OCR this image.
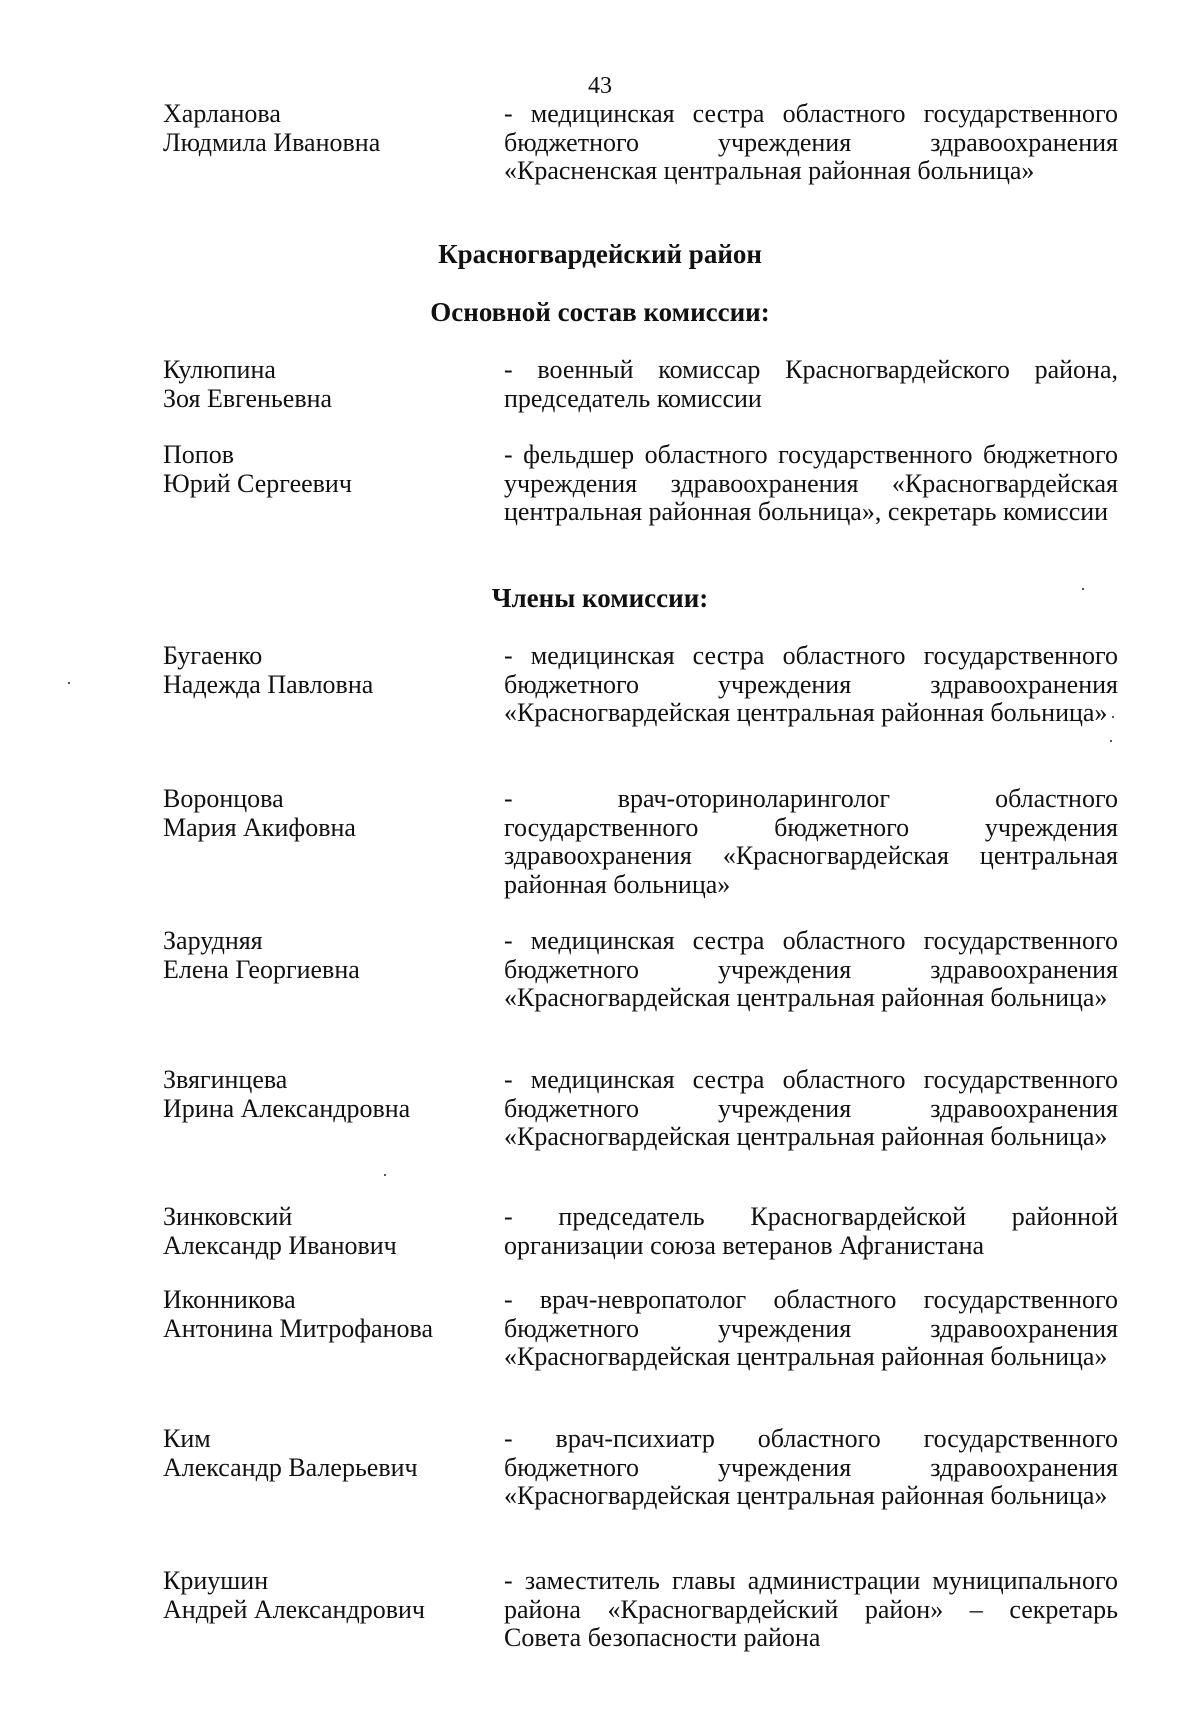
43
Харланова
Людмила Ивановна
- медицинская сестра областного государственного бюджетного учреждения здравоохранения «Красненская центральная районная больница»
Красногвардейский район
Основной состав комиссии:
Кулюпина
Зоя Евгеньевна
- военный комиссар Красногвардейского района, председатель комиссии
Попов
Юрий Сергеевич
- фельдшер областного государственного бюджетного учреждения здравоохранения «Красногвардейская центральная районная больница», секретарь комиссии
Члены комиссии:
Бугаенко
Надежда Павловна
- медицинская сестра областного государственного бюджетного учреждения здравоохранения «Красногвардейская центральная районная больница»
Воронцова
Мария Акифовна
- врач-оториноларинголог областного государственного бюджетного учреждения здравоохранения «Красногвардейская центральная районная больница»
Зарудняя
Елена Георгиевна
- медицинская сестра областного государственного бюджетного учреждения здравоохранения «Красногвардейская центральная районная больница»
Звягинцева
Ирина Александровна
- медицинская сестра областного государственного бюджетного учреждения здравоохранения «Красногвардейская центральная районная больница»
Зинковский
Александр Иванович
- председатель Красногвардейской районной организации союза ветеранов Афганистана
Иконникова
Антонина Митрофанова
- врач-невропатолог областного государственного бюджетного учреждения здравоохранения «Красногвардейская центральная районная больница»
Ким
Александр Валерьевич
- врач-психиатр областного государственного бюджетного учреждения здравоохранения «Красногвардейская центральная районная больница»
Криушин
Андрей Александрович
- заместитель главы администрации муниципального района «Красногвардейский район» – секретарь Совета безопасности района
